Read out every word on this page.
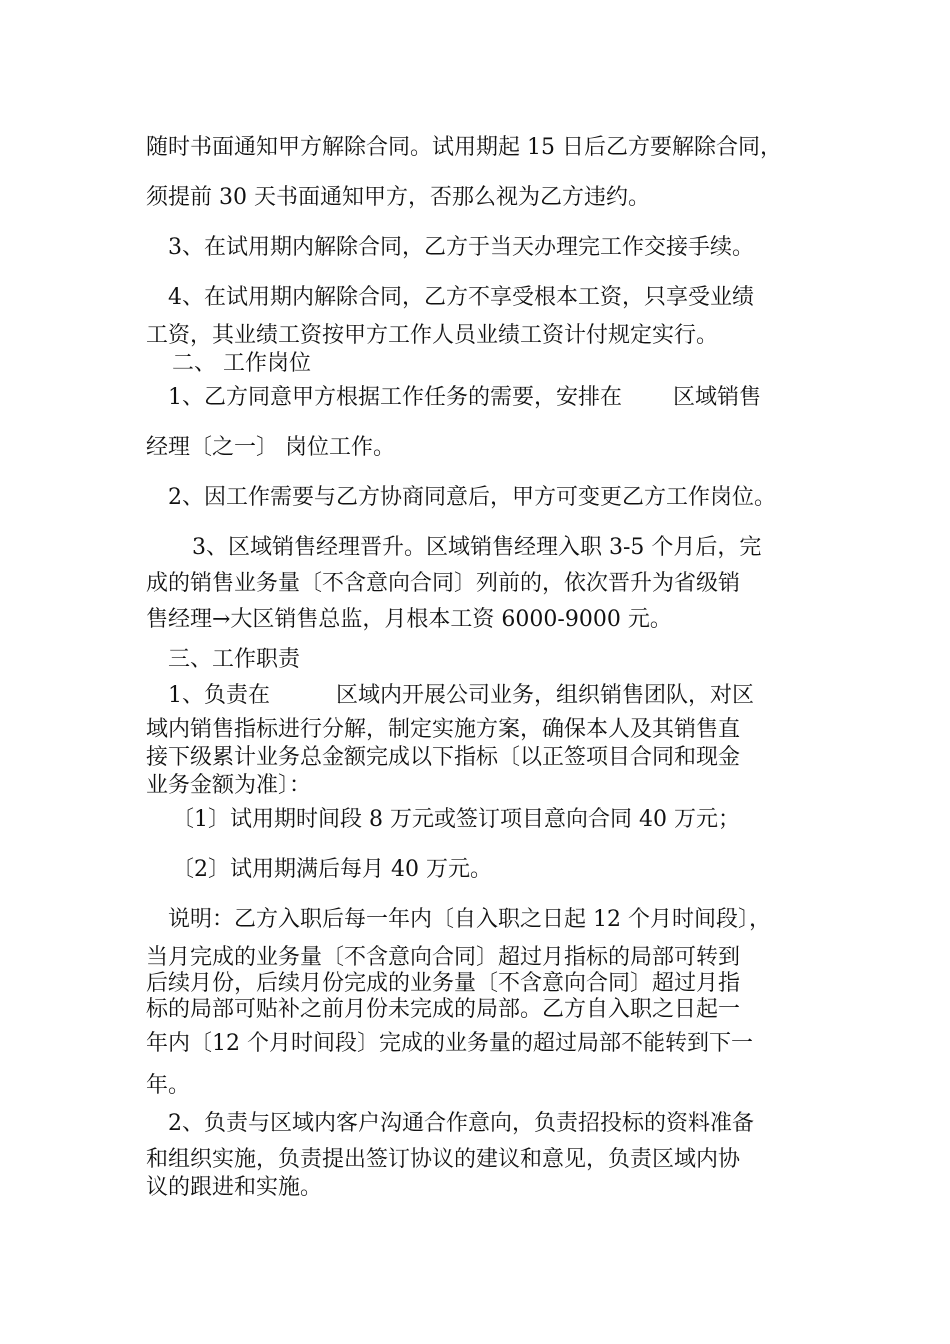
随时书面通知甲方解除合同。试用期起 15 日后乙方要解除合同，
须提前 30 天书面通知甲方，否那么视为乙方违约。
3、在试用期内解除合同，乙方于当天办理完工作交接手续。
4、在试用期内解除合同，乙方不享受根本工资，只享受业绩
工资，其业绩工资按甲方工作人员业绩工资计付规定实行。
二、 工作岗位
1、乙方同意甲方根据工作任务的需要，安排在　　 区域销售
经理〔之一〕 岗位工作。
2、因工作需要与乙方协商同意后，甲方可变更乙方工作岗位。
3、区域销售经理晋升。区域销售经理入职 3-5 个月后，完
成的销售业务量〔不含意向合同〕列前的，依次晋升为省级销
售经理→大区销售总监，月根本工资 6000-9000 元。
三、工作职责
1、负责在　　　区域内开展公司业务，组织销售团队，对区
域内销售指标进行分解，制定实施方案，确保本人及其销售直
接下级累计业务总金额完成以下指标〔以正签项目合同和现金
业务金额为准〕：
〔1〕试用期时间段 8 万元或签订项目意向合同 40 万元；
〔2〕试用期满后每月 40 万元。
说明：乙方入职后每一年内〔自入职之日起 12 个月时间段〕，
当月完成的业务量〔不含意向合同〕超过月指标的局部可转到
后续月份，后续月份完成的业务量〔不含意向合同〕超过月指
标的局部可贴补之前月份未完成的局部。乙方自入职之日起一
年内〔12 个月时间段〕完成的业务量的超过局部不能转到下一
年。
2、负责与区域内客户沟通合作意向，负责招投标的资料准备
和组织实施，负责提出签订协议的建议和意见，负责区域内协
议的跟进和实施。
